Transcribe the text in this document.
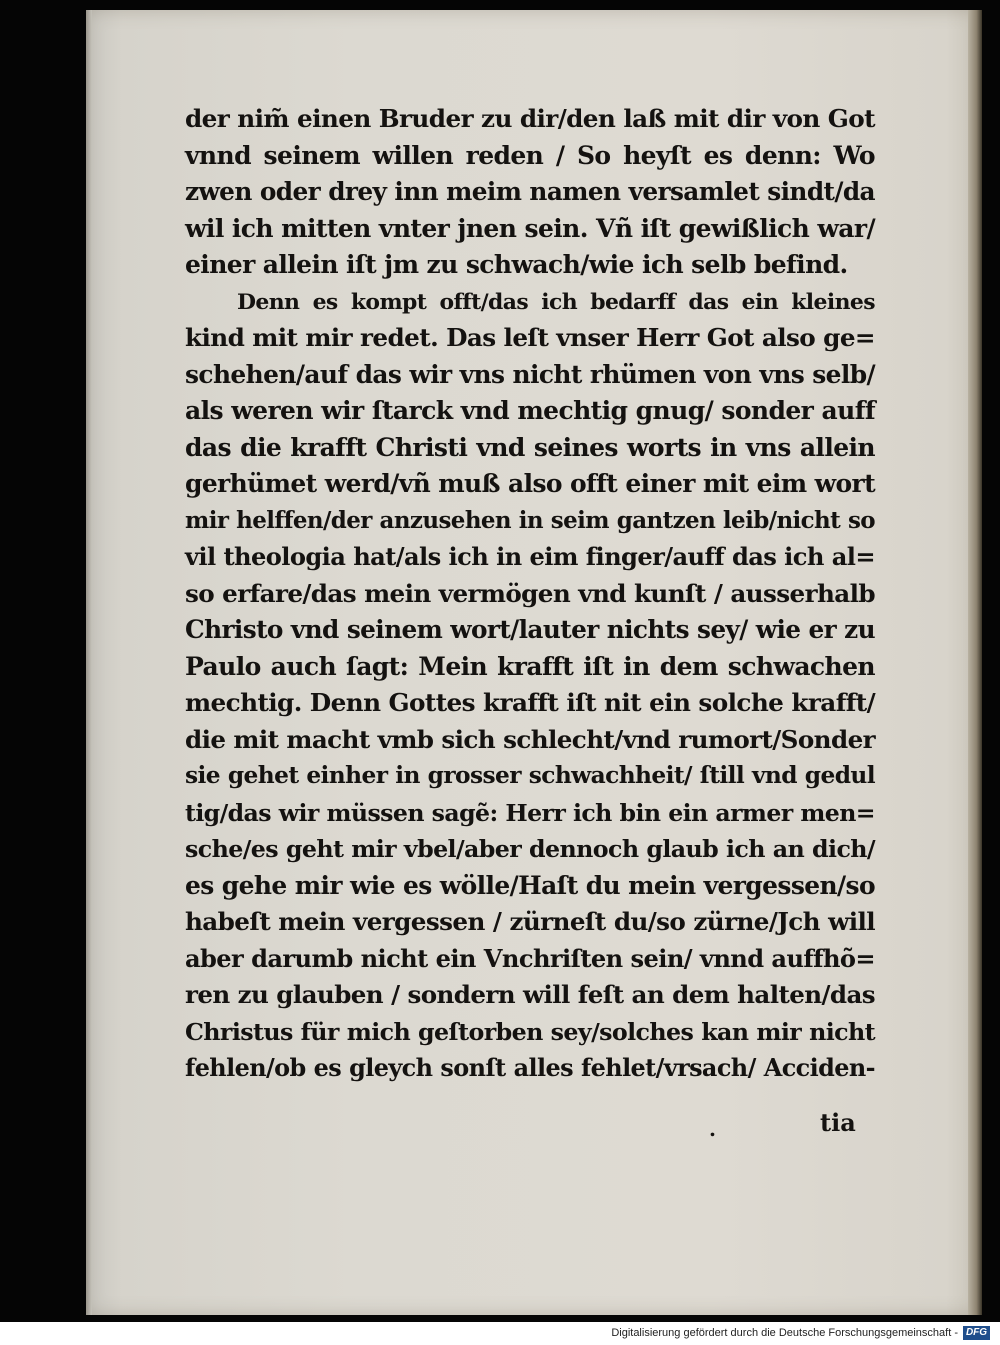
der nim̃ einen Bruder zu dir/den laß mit dir von Got
vnnd seinem willen reden / So heyſt es denn: Wo
zwen oder drey inn meim namen versamlet sindt/da
wil ich mitten vnter jnen sein. Vñ iſt gewißlich war/
einer allein iſt jm zu schwach/wie ich selb befind.
Denn es kompt offt/das ich bedarff das ein kleines
kind mit mir redet. Das leſt vnser Herr Got also ge=
schehen/auf das wir vns nicht rhümen von vns selb/
als weren wir ſtarck vnd mechtig gnug/ sonder auff
das die krafft Christi vnd seines worts in vns allein
gerhümet werd/vñ muß also offt einer mit eim wort
mir helffen/der anzusehen in seim gantzen leib/nicht so
vil theologia hat/als ich in eim finger/auff das ich al=
so erfare/das mein vermögen vnd kunſt / ausserhalb
Christo vnd seinem wort/lauter nichts sey/ wie er zu
Paulo auch ſagt: Mein krafft iſt in dem schwachen
mechtig. Denn Gottes krafft iſt nit ein solche krafft/
die mit macht vmb sich schlecht/vnd rumort/Sonder
sie gehet einher in grosser schwachheit/ ſtill vnd gedul
tig/das wir müssen sagẽ: Herr ich bin ein armer men=
sche/es geht mir vbel/aber dennoch glaub ich an dich/
es gehe mir wie es wölle/Haſt du mein vergessen/so
habeſt mein vergessen / zürneſt du/so zürne/Jch will
aber darumb nicht ein Vnchriſten sein/ vnnd auffhõ=
ren zu glauben / sondern will feſt an dem halten/das
Christus für mich geſtorben sey/solches kan mir nicht
fehlen/ob es gleych sonſt alles fehlet/vrsach/ Acciden-
.	tia
Digitalisierung gefördert durch die Deutsche Forschungsgemeinschaft - DFG
